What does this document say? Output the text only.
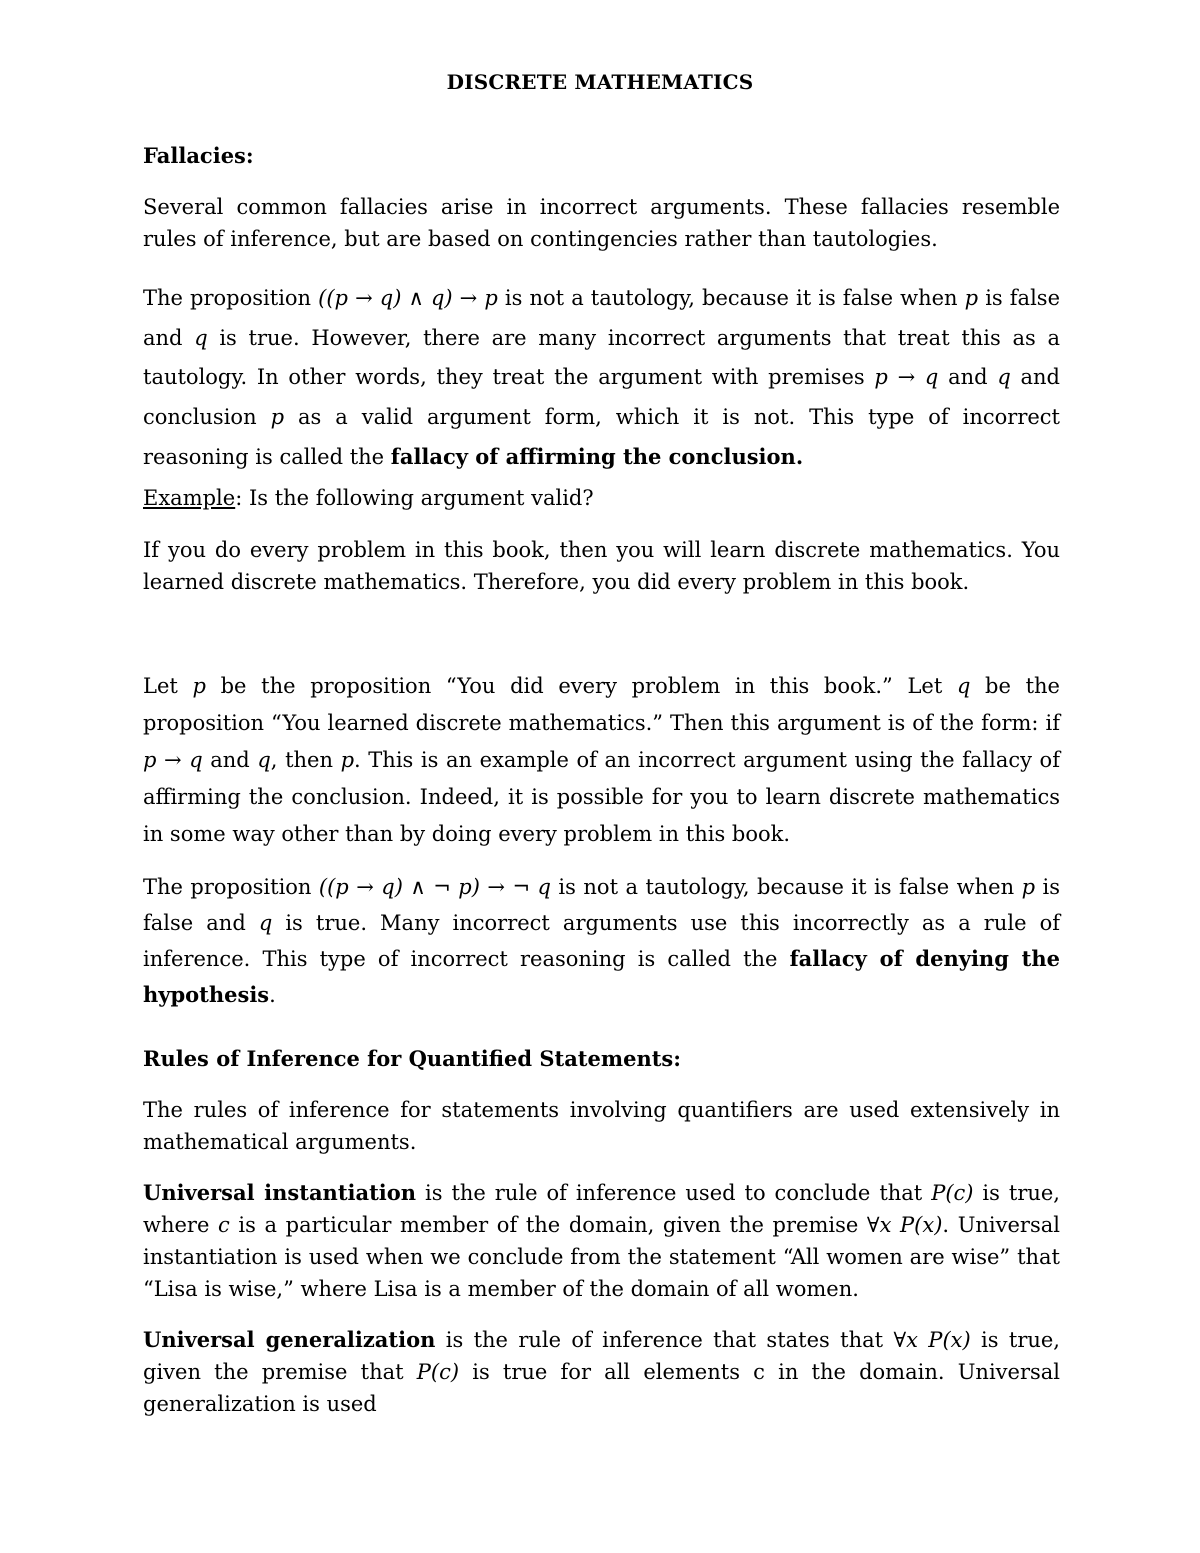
DISCRETE MATHEMATICS
Fallacies:
Several common fallacies arise in incorrect arguments. These fallacies resemble rules of inference, but are based on contingencies rather than tautologies.
The proposition ((p → q) ∧ q) → p is not a tautology, because it is false when p is false and q is true. However, there are many incorrect arguments that treat this as a tautology. In other words, they treat the argument with premises p → q and q and conclusion p as a valid argument form, which it is not. This type of incorrect reasoning is called the fallacy of affirming the conclusion.
Example: Is the following argument valid?
If you do every problem in this book, then you will learn discrete mathematics. You learned discrete mathematics. Therefore, you did every problem in this book.
Let p be the proposition “You did every problem in this book.” Let q be the proposition “You learned discrete mathematics.” Then this argument is of the form: if p → q and q, then p. This is an example of an incorrect argument using the fallacy of affirming the conclusion. Indeed, it is possible for you to learn discrete mathematics in some way other than by doing every problem in this book.
The proposition ((p → q) ∧ ¬ p) → ¬ q is not a tautology, because it is false when p is false and q is true. Many incorrect arguments use this incorrectly as a rule of inference. This type of incorrect reasoning is called the fallacy of denying the hypothesis.
Rules of Inference for Quantified Statements:
The rules of inference for statements involving quantifiers are used extensively in mathematical arguments.
Universal instantiation is the rule of inference used to conclude that P(c) is true, where c is a particular member of the domain, given the premise ∀x P(x). Universal instantiation is used when we conclude from the statement “All women are wise” that “Lisa is wise,” where Lisa is a member of the domain of all women.
Universal generalization is the rule of inference that states that ∀x P(x) is true, given the premise that P(c) is true for all elements c in the domain. Universal generalization is used
